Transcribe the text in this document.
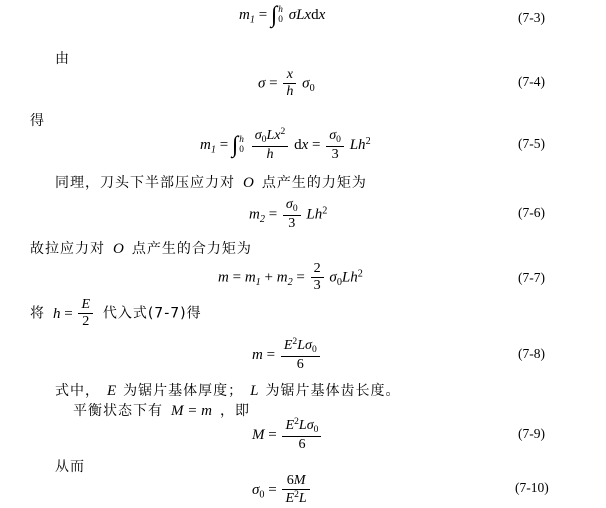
$m_1$ = ∫ h
0 σLxdx	(7-3)
由
$\sigma = \frac{x}{h} \sigma_0$	(7-4)
得
$m_1$ = ∫ h
0
$\frac{\sigma_0Lx^2}{h}$ dx = $\frac{\sigma_0}{3} Lh^2$	(7-5)
同理，刀头下半部压应力对 O 点产生的力矩为
$m_2 = \frac{\sigma_0}{3} Lh^2$	(7-6)
故拉应力对 O 点产生的合力矩为
$m = m_1 + m_2 = \frac{2}{3} \sigma_0Lh^2$	(7-7)
将 $h = \frac{E}{2}$ 代入式(7-7)得
$m = \frac{E^2L\sigma_0}{6}$	(7-8)
式中， E 为锯片基体厚度； L 为锯片基体齿长度。
平衡状态下有 M = m ，即
$M = \frac{E^2L\sigma_0}{6}$	(7-9)
从而
$\sigma_0 = \frac{6M}{E^2L}$	(7-10)
